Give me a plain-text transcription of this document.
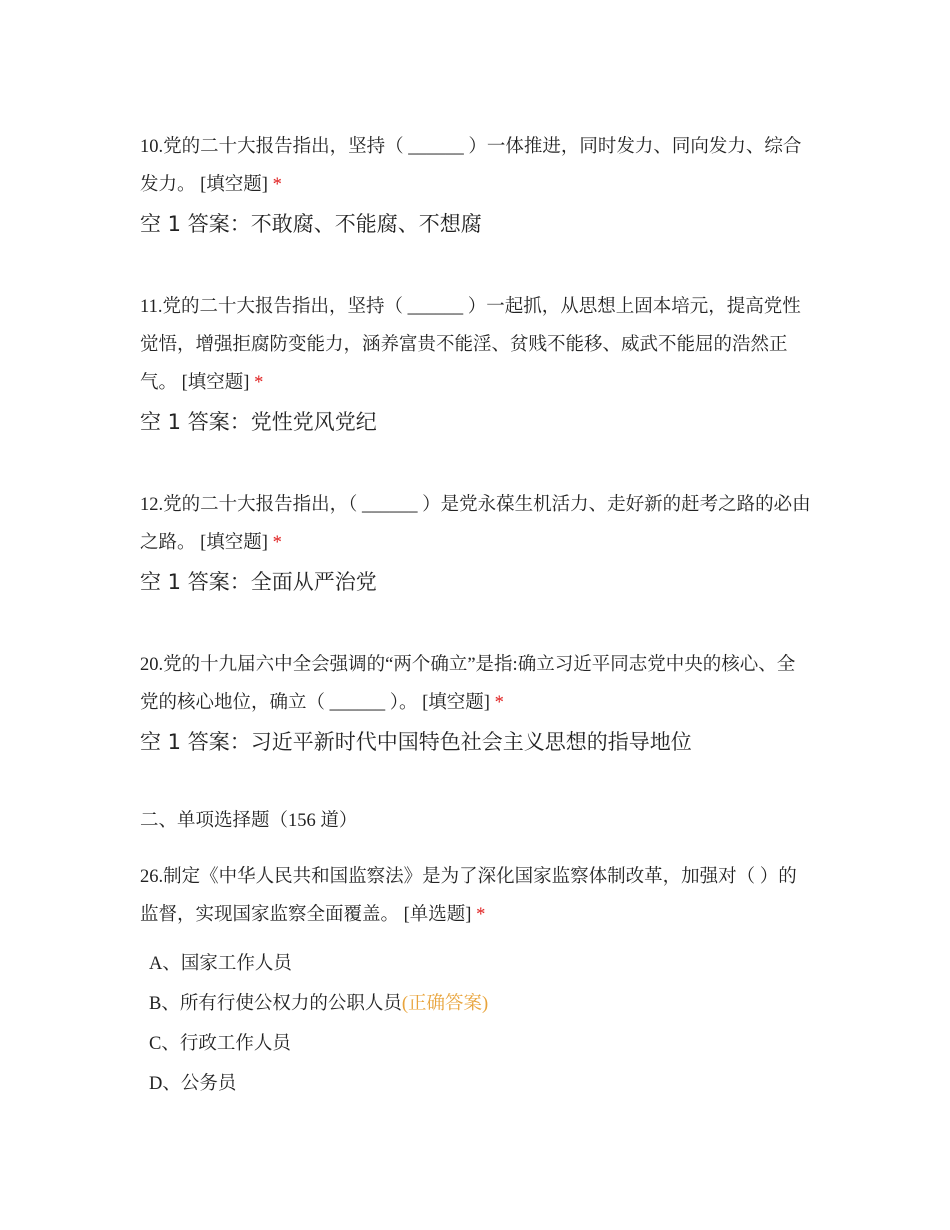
10.党的二十大报告指出，坚持（ ______ ）一体推进，同时发力、同向发力、综合发力。 [填空题] *

空 1 答案：不敢腐、不能腐、不想腐

11.党的二十大报告指出，坚持（ ______ ）一起抓，从思想上固本培元，提高党性觉悟，增强拒腐防变能力，涵养富贵不能淫、贫贱不能移、威武不能屈的浩然正气。 [填空题] *

空 1 答案：党性党风党纪

12.党的二十大报告指出，（ ______ ）是党永葆生机活力、走好新的赶考之路的必由之路。 [填空题] *

空 1 答案：全面从严治党

20.党的十九届六中全会强调的“两个确立”是指:确立习近平同志党中央的核心、全党的核心地位，确立（ ______ ）。 [填空题] *

空 1 答案：习近平新时代中国特色社会主义思想的指导地位

二、单项选择题（156 道）

26.制定《中华人民共和国监察法》是为了深化国家监察体制改革，加强对（ ）的监督，实现国家监察全面覆盖。 [单选题] *

A、国家工作人员
B、所有行使公权力的公职人员(正确答案)
C、行政工作人员
D、公务员
